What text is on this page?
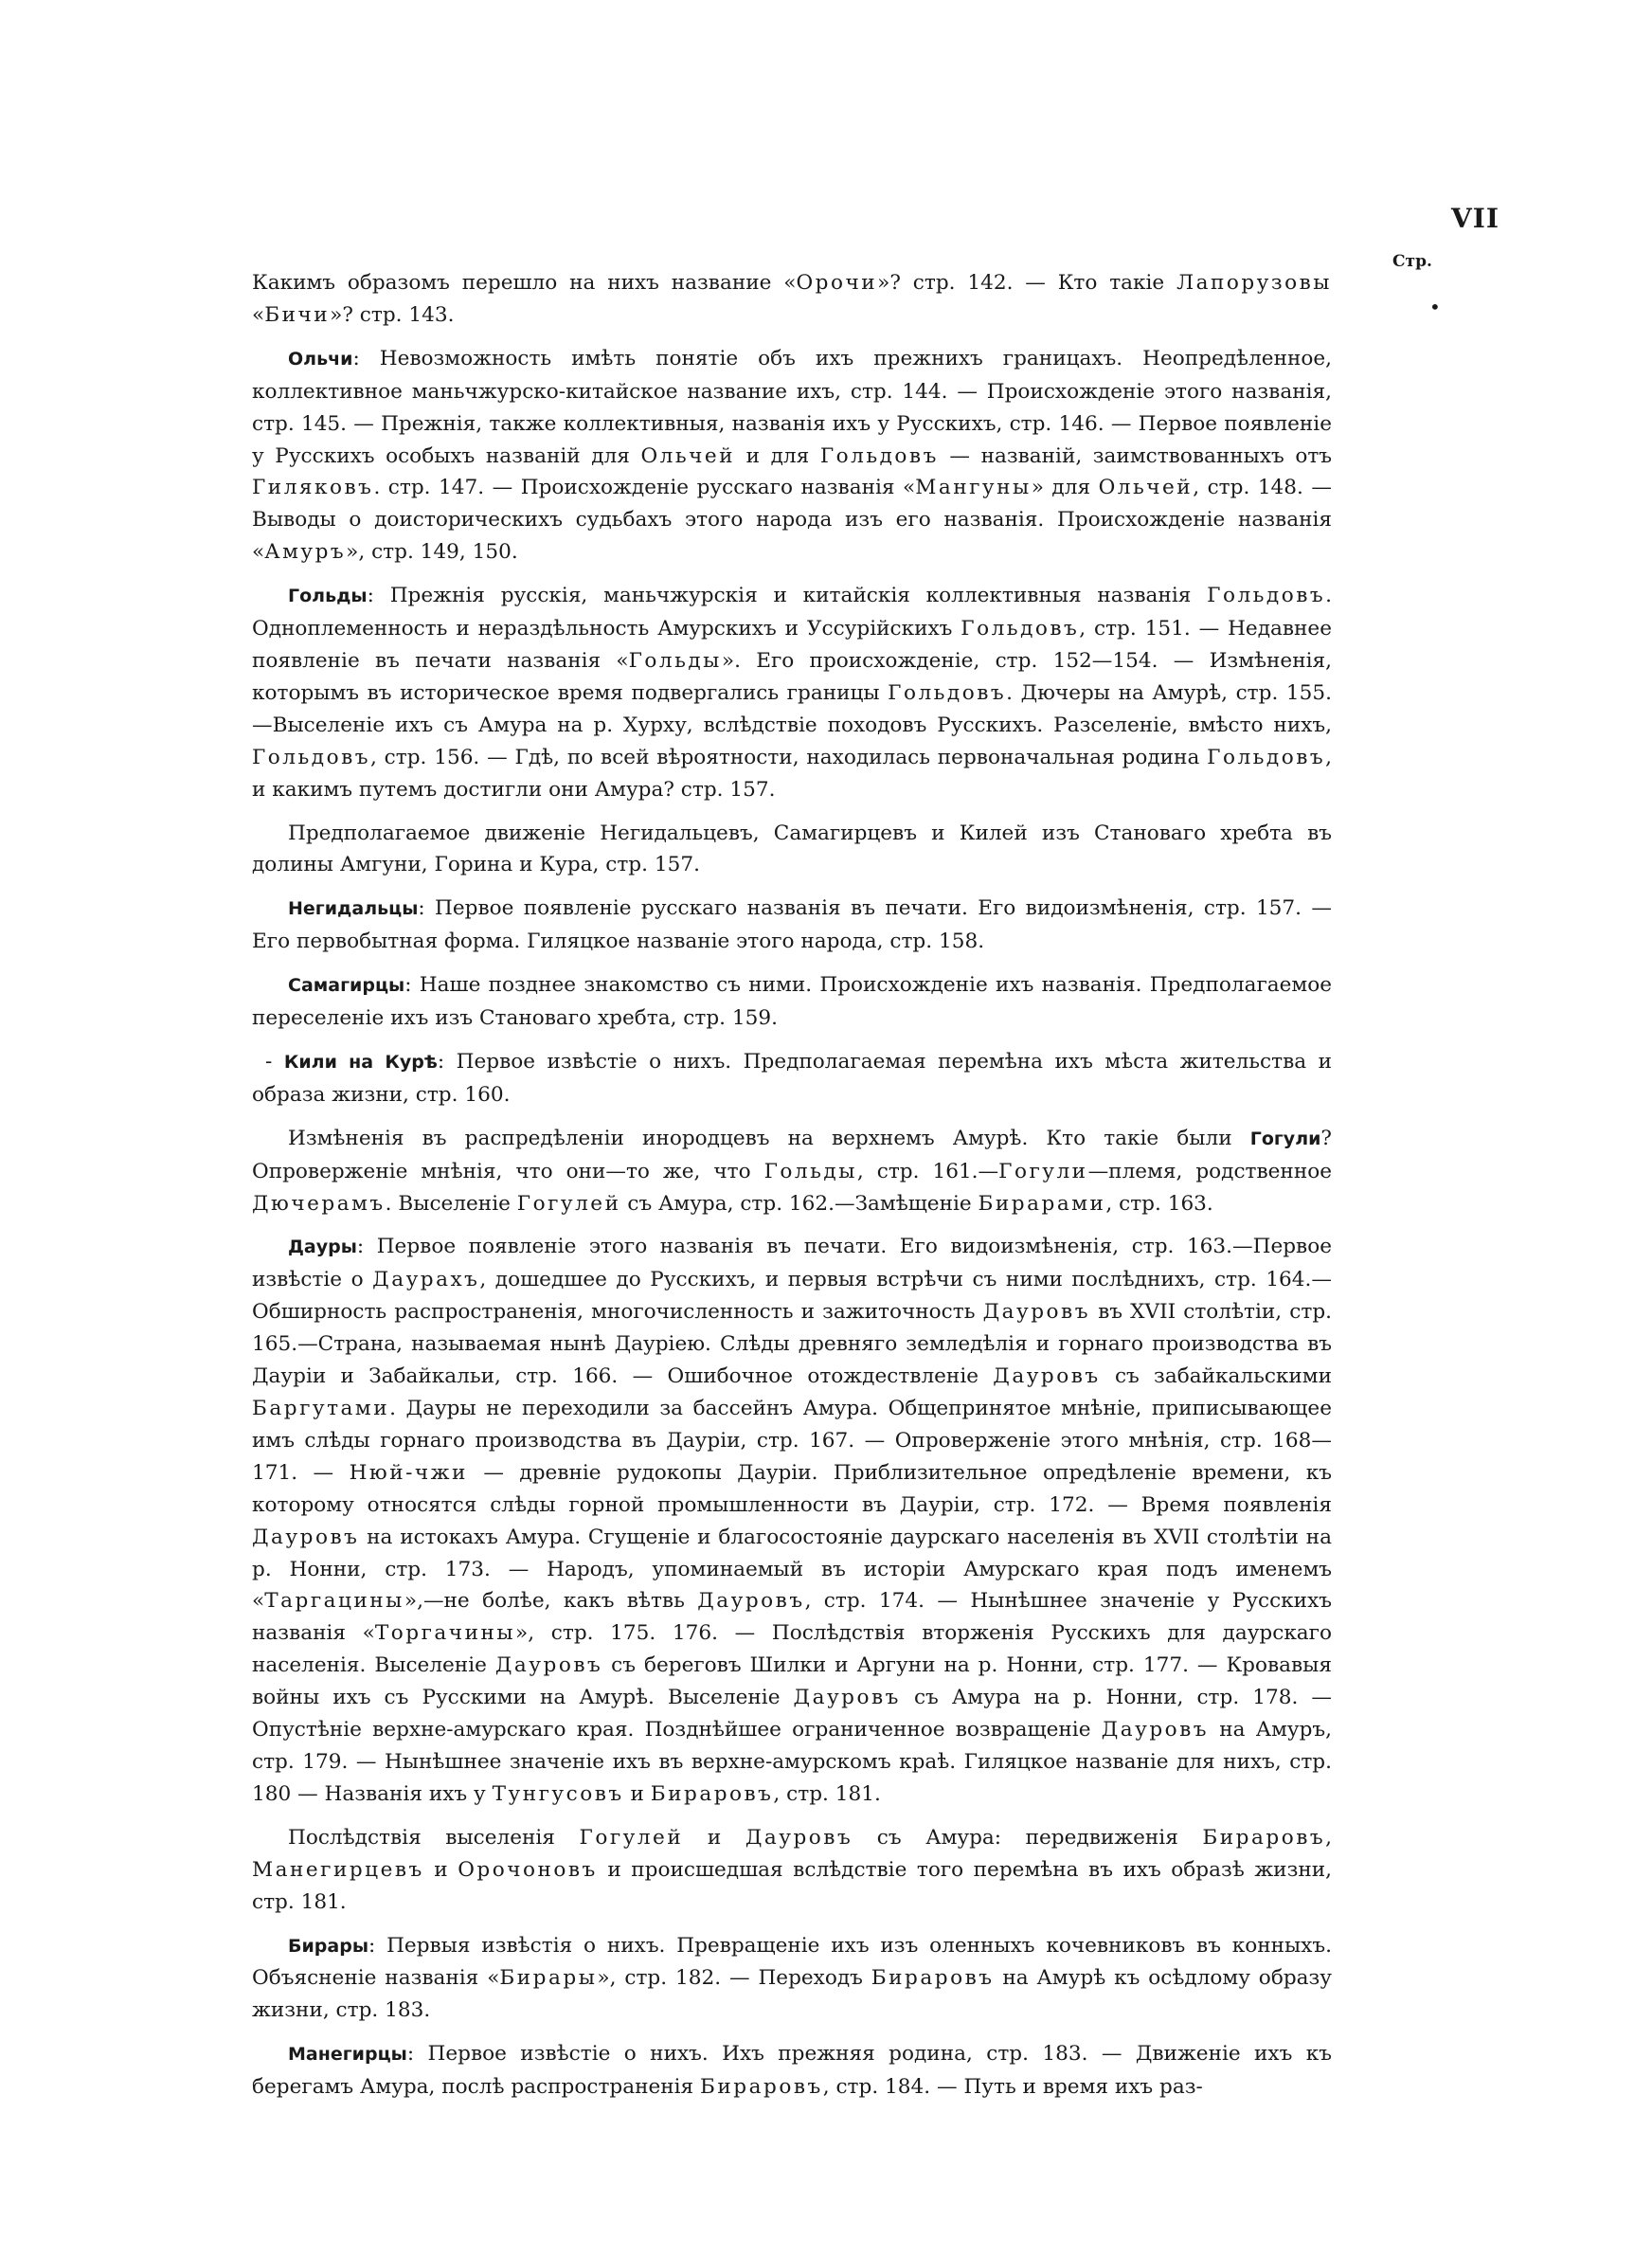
VII
Стр.
•

Какимъ образомъ перешло на нихъ название «Орочи»? стр. 142. — Кто такіе Лапорузовы «Бичи»? стр. 143.

Ольчи: Невозможность имѣть понятіе объ ихъ прежнихъ границахъ. Неопредѣленное, коллективное маньчжурско-китайское название ихъ, стр. 144. — Происхожденіе этого названія, стр. 145. — Прежнія, также коллективныя, названія ихъ у Русскихъ, стр. 146. — Первое появленіе у Русскихъ особыхъ названій для Ольчей и для Гольдовъ — названій, заимствованныхъ отъ Гиляковъ. стр. 147. — Происхожденіе русскаго названія «Мангуны» для Ольчей, стр. 148. — Выводы о доисторическихъ судьбахъ этого народа изъ его названія. Происхожденіе названія «Амуръ», стр. 149, 150.

Гольды: Прежнія русскія, маньчжурскія и китайскія коллективныя названія Гольдовъ. Одноплеменность и нераздѣльность Амурскихъ и Уссурійскихъ Гольдовъ, стр. 151. — Недавнее появленіе въ печати названія «Гольды». Его происхожденіе, стр. 152—154. — Измѣненія, которымъ въ историческое время подвергались границы Гольдовъ. Дючеры на Амурѣ, стр. 155.—Выселеніе ихъ съ Амура на р. Хурху, вслѣдствіе походовъ Русскихъ. Разселеніе, вмѣсто нихъ, Гольдовъ, стр. 156. — Гдѣ, по всей вѣроятности, находилась первоначальная родина Гольдовъ, и какимъ путемъ достигли они Амура? стр. 157.

Предполагаемое движеніе Негидальцевъ, Самагирцевъ и Килей изъ Становаго хребта въ долины Амгуни, Горина и Кура, стр. 157.

Негидальцы: Первое появленіе русскаго названія въ печати. Его видоизмѣненія, стр. 157. — Его первобытная форма. Гиляцкое названіе этого народа, стр. 158.

Самагирцы: Наше позднее знакомство съ ними. Происхожденіе ихъ названія. Предполагаемое переселеніе ихъ изъ Становаго хребта, стр. 159.

- Кили на Курѣ: Первое извѣстіе о нихъ. Предполагаемая перемѣна ихъ мѣста жительства и образа жизни, стр. 160.

Измѣненія въ распредѣленіи инородцевъ на верхнемъ Амурѣ. Кто такіе были Гогули? Опроверженіе мнѣнія, что они—то же, что Гольды, стр. 161.—Гогули—племя, родственное Дючерамъ. Выселеніе Гогулей съ Амура, стр. 162.—Замѣщеніе Бирарами, стр. 163.

Дауры: Первое появленіе этого названія въ печати. Его видоизмѣненія, стр. 163.—Первое извѣстіе о Даурахъ, дошедшее до Русскихъ, и первыя встрѣчи съ ними послѣднихъ, стр. 164.—Обширность распространенія, многочисленность и зажиточность Дауровъ въ XVII столѣтіи, стр. 165.—Страна, называемая нынѣ Дауріею. Слѣды древняго земледѣлія и горнаго производства въ Дауріи и Забайкальи, стр. 166. — Ошибочное отождествленіе Дауровъ съ забайкальскими Баргутами. Дауры не переходили за бассейнъ Амура. Общепринятое мнѣніе, приписывающее имъ слѣды горнаго производства въ Дауріи, стр. 167. — Опроверженіе этого мнѣнія, стр. 168—171. — Нюй-чжи — древніе рудокопы Дауріи. Приблизительное опредѣленіе времени, къ которому относятся слѣды горной промышленности въ Дауріи, стр. 172. — Время появленія Дауровъ на истокахъ Амура. Сгущеніе и благосостояніе даурскаго населенія въ XVII столѣтіи на р. Нонни, стр. 173. — Народъ, упоминаемый въ исторіи Амурскаго края подъ именемъ «Таргацины»,—не болѣе, какъ вѣтвь Дауровъ, стр. 174. — Нынѣшнее значеніе у Русскихъ названія «Торгачины», стр. 175. 176. — Послѣдствія вторженія Русскихъ для даурскаго населенія. Выселеніе Дауровъ съ береговъ Шилки и Аргуни на р. Нонни, стр. 177. — Кровавыя войны ихъ съ Русскими на Амурѣ. Выселеніе Дауровъ съ Амура на р. Нонни, стр. 178. — Опустѣніе верхне-амурскаго края. Позднѣйшее ограниченное возвращеніе Дауровъ на Амуръ, стр. 179. — Нынѣшнее значеніе ихъ въ верхне-амурскомъ краѣ. Гиляцкое названіе для нихъ, стр. 180 — Названія ихъ у Тунгусовъ и Бираровъ, стр. 181.

Послѣдствія выселенія Гогулей и Дауровъ съ Амура: передвиженія Бираровъ, Манегирцевъ и Орочоновъ и происшедшая вслѣдствіе того перемѣна въ ихъ образѣ жизни, стр. 181.

Бирары: Первыя извѣстія о нихъ. Превращеніе ихъ изъ оленныхъ кочевниковъ въ конныхъ. Объясненіе названія «Бирары», стр. 182. — Переходъ Бираровъ на Амурѣ къ осѣдлому образу жизни, стр. 183.

Манегирцы: Первое извѣстіе о нихъ. Ихъ прежняя родина, стр. 183. — Движеніе ихъ къ берегамъ Амура, послѣ распространенія Бираровъ, стр. 184. — Путь и время ихъ раз-
